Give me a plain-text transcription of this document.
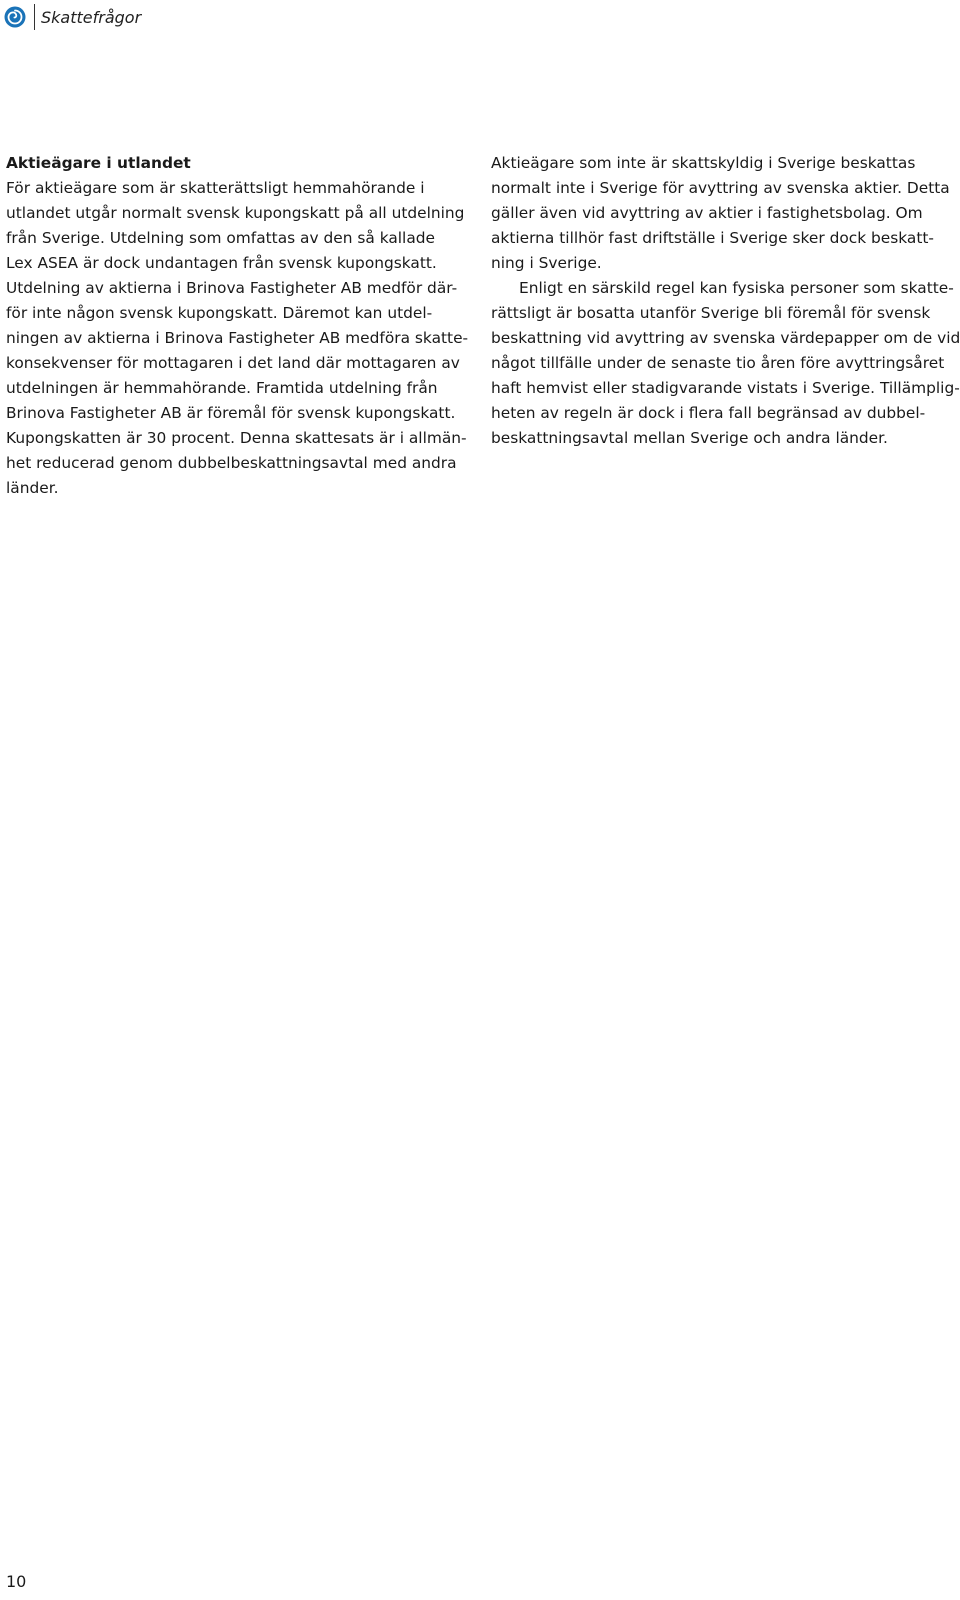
Skattefrågor
Aktieägare i utlandet
För aktieägare som är skatterättsligt hemmahörande i
utlandet utgår normalt svensk kupongskatt på all utdelning
från Sverige. Utdelning som omfattas av den så kallade
Lex ASEA är dock undantagen från svensk kupongskatt.
Utdelning av aktierna i Brinova Fastigheter AB medför där-
för inte någon svensk kupongskatt. Däremot kan utdel-
ningen av aktierna i Brinova Fastigheter AB medföra skatte-
konsekvenser för mottagaren i det land där mottagaren av
utdelningen är hemmahörande. Framtida utdelning från
Brinova Fastigheter AB är föremål för svensk kupongskatt.
Kupongskatten är 30 procent. Denna skattesats är i allmän-
het reducerad genom dubbelbeskattningsavtal med andra
länder.
Aktieägare som inte är skattskyldig i Sverige beskattas
normalt inte i Sverige för avyttring av svenska aktier. Detta
gäller även vid avyttring av aktier i fastighetsbolag. Om
aktierna tillhör fast driftställe i Sverige sker dock beskatt-
ning i Sverige.
Enligt en särskild regel kan fysiska personer som skatte-
rättsligt är bosatta utanför Sverige bli föremål för svensk
beskattning vid avyttring av svenska värdepapper om de vid
något tillfälle under de senaste tio åren före avyttringsåret
haft hemvist eller stadigvarande vistats i Sverige. Tillämplig-
heten av regeln är dock i flera fall begränsad av dubbel-
beskattningsavtal mellan Sverige och andra länder.
10
